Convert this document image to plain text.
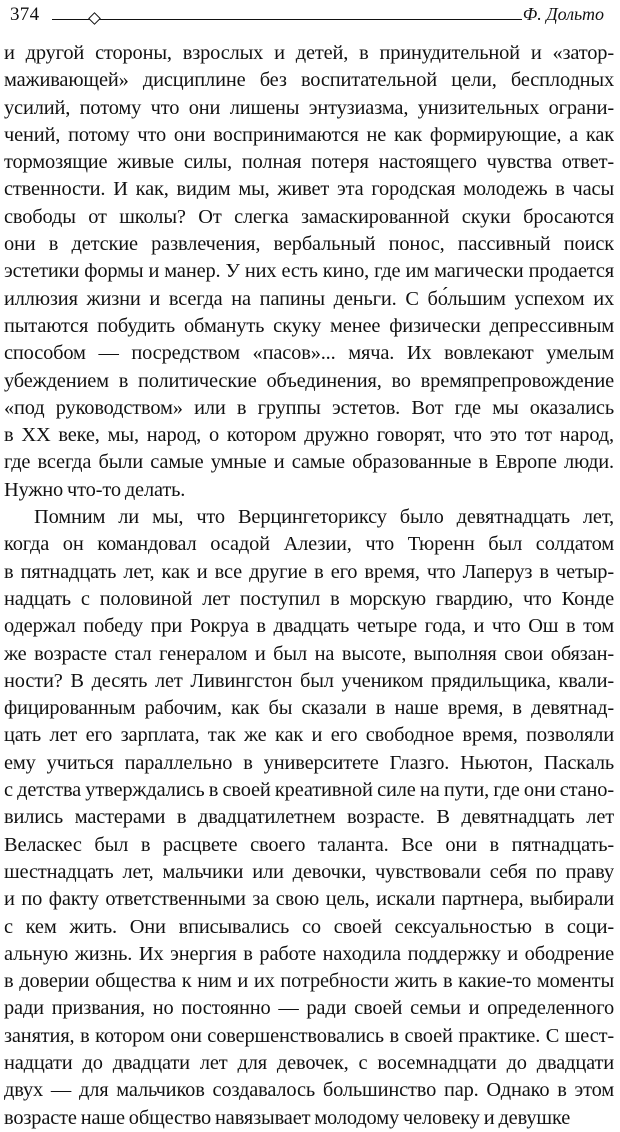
374	Ф. Дольто
и другой стороны, взрослых и детей, в принудительной и «затор-
маживающей» дисциплине без воспитательной цели, бесплодных
усилий, потому что они лишены энтузиазма, унизительных ограни-
чений, потому что они воспринимаются не как формирующие, а как
тормозящие живые силы, полная потеря настоящего чувства ответ-
ственности. И как, видим мы, живет эта городская молодежь в часы
свободы от школы? От слегка замаскированной скуки бросаются
они в детские развлечения, вербальный понос, пассивный поиск
эстетики формы и манер. У них есть кино, где им магически продается
иллюзия жизни и всегда на папины деньги. С бо́льшим успехом их
пытаются побудить обмануть скуку менее физически депрессивным
способом — посредством «пасов»... мяча. Их вовлекают умелым
убеждением в политические объединения, во времяпрепровождение
«под руководством» или в группы эстетов. Вот где мы оказались
в XX веке, мы, народ, о котором дружно говорят, что это тот народ,
где всегда были самые умные и самые образованные в Европе люди.
Нужно что-то делать.
Помним ли мы, что Верцингеториксу было девятнадцать лет,
когда он командовал осадой Алезии, что Тюренн был солдатом
в пятнадцать лет, как и все другие в его время, что Лаперуз в четыр-
надцать с половиной лет поступил в морскую гвардию, что Конде
одержал победу при Рокруа в двадцать четыре года, и что Ош в том
же возрасте стал генералом и был на высоте, выполняя свои обязан-
ности? В десять лет Ливингстон был учеником прядильщика, квали-
фицированным рабочим, как бы сказали в наше время, в девятнад-
цать лет его зарплата, так же как и его свободное время, позволяли
ему учиться параллельно в университете Глазго. Ньютон, Паскаль
с детства утверждались в своей креативной силе на пути, где они стано-
вились мастерами в двадцатилетнем возрасте. В девятнадцать лет
Веласкес был в расцвете своего таланта. Все они в пятнадцать-
шестнадцать лет, мальчики или девочки, чувствовали себя по праву
и по факту ответственными за свою цель, искали партнера, выбирали
с кем жить. Они вписывались со своей сексуальностью в соци-
альную жизнь. Их энергия в работе находила поддержку и ободрение
в доверии общества к ним и их потребности жить в какие-то моменты
ради призвания, но постоянно — ради своей семьи и определенного
занятия, в котором они совершенствовались в своей практике. С шест-
надцати до двадцати лет для девочек, с восемнадцати до двадцати
двух — для мальчиков создавалось большинство пар. Однако в этом
возрасте наше общество навязывает молодому человеку и девушке
